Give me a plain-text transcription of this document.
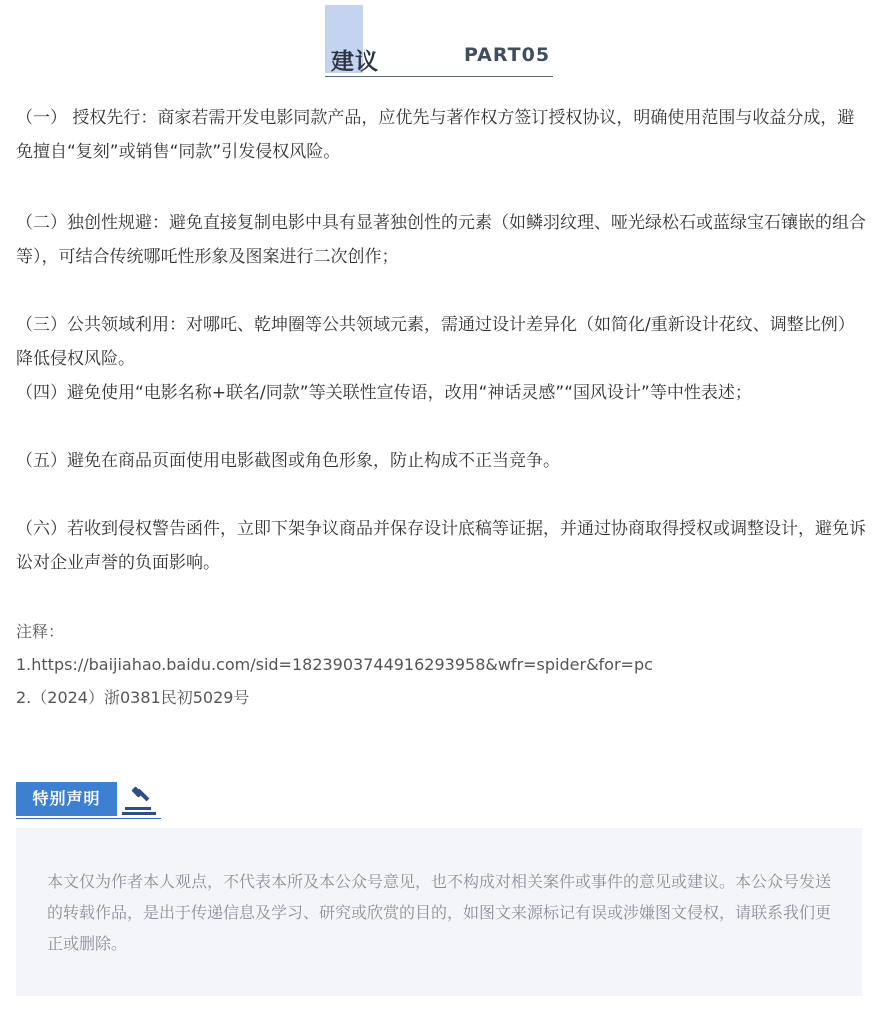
建议	PART05

（一） 授权先行：商家若需开发电影同款产品，应优先与著作权方签订授权协议，明确使用范围与收益分成，避免擅自“复刻”或销售“同款”引发侵权风险。

（二）独创性规避：避免直接复制电影中具有显著独创性的元素（如鳞羽纹理、哑光绿松石或蓝绿宝石镶嵌的组合等），可结合传统哪吒性形象及图案进行二次创作；

（三）公共领域利用：对哪吒、乾坤圈等公共领域元素，需通过设计差异化（如简化/重新设计花纹、调整比例）降低侵权风险。

（四）避免使用“电影名称+联名/同款”等关联性宣传语，改用“神话灵感”“国风设计”等中性表述；

（五）避免在商品页面使用电影截图或角色形象，防止构成不正当竞争。

（六）若收到侵权警告函件，立即下架争议商品并保存设计底稿等证据，并通过协商取得授权或调整设计，避免诉讼对企业声誉的负面影响。

注释：
1.https://baijiahao.baidu.com/sid=1823903744916293958&wfr=spider&for=pc
2.（2024）浙0381民初5029号
特别声明
本文仅为作者本人观点，不代表本所及本公众号意见，也不构成对相关案件或事件的意见或建议。本公众号发送的转载作品，是出于传递信息及学习、研究或欣赏的目的，如图文来源标记有误或涉嫌图文侵权，请联系我们更正或删除。
